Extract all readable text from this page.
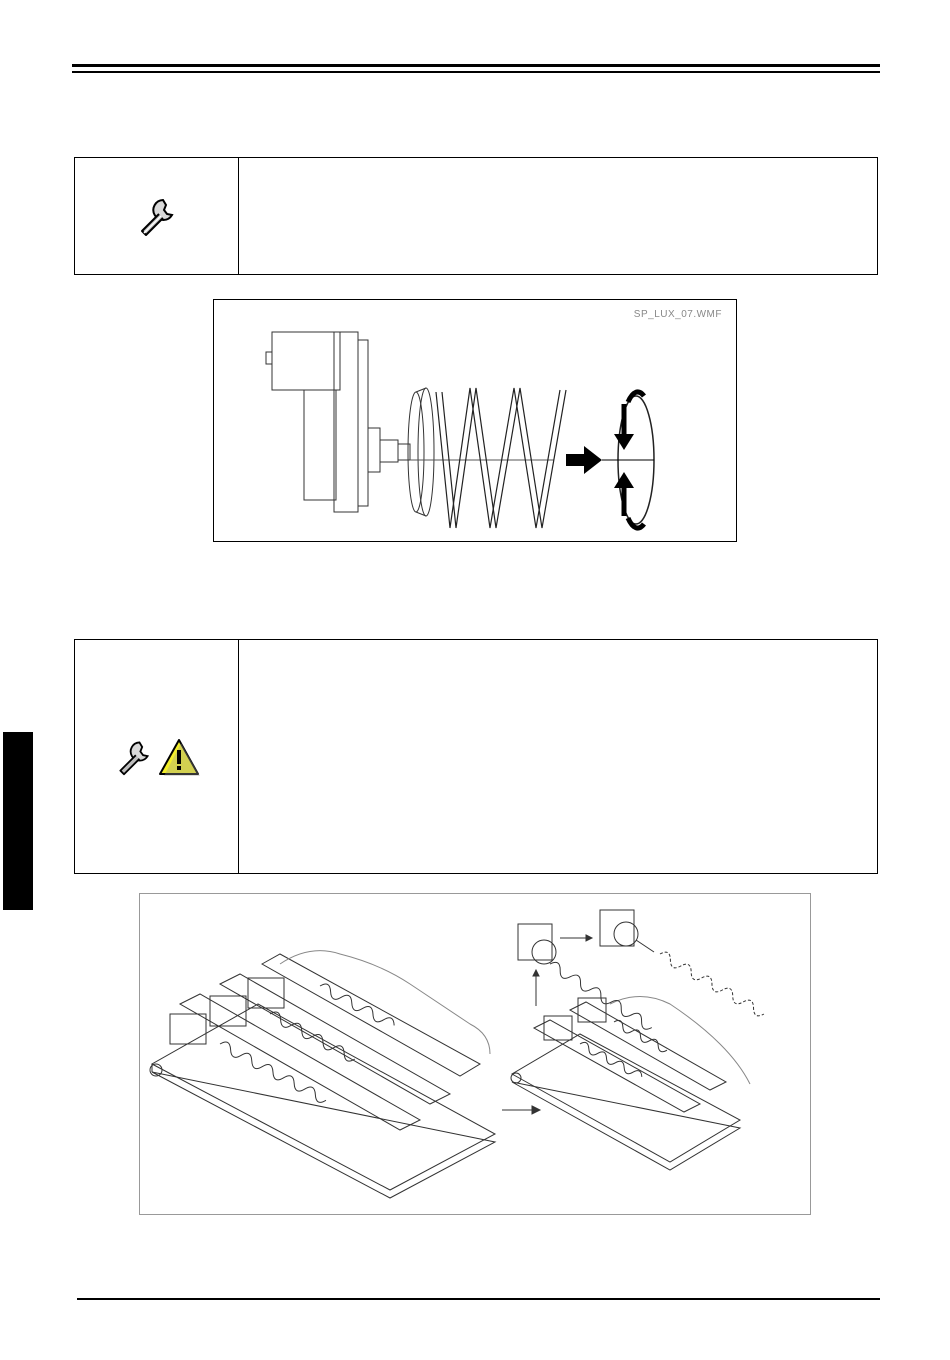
SP_LUX_07.WMF
